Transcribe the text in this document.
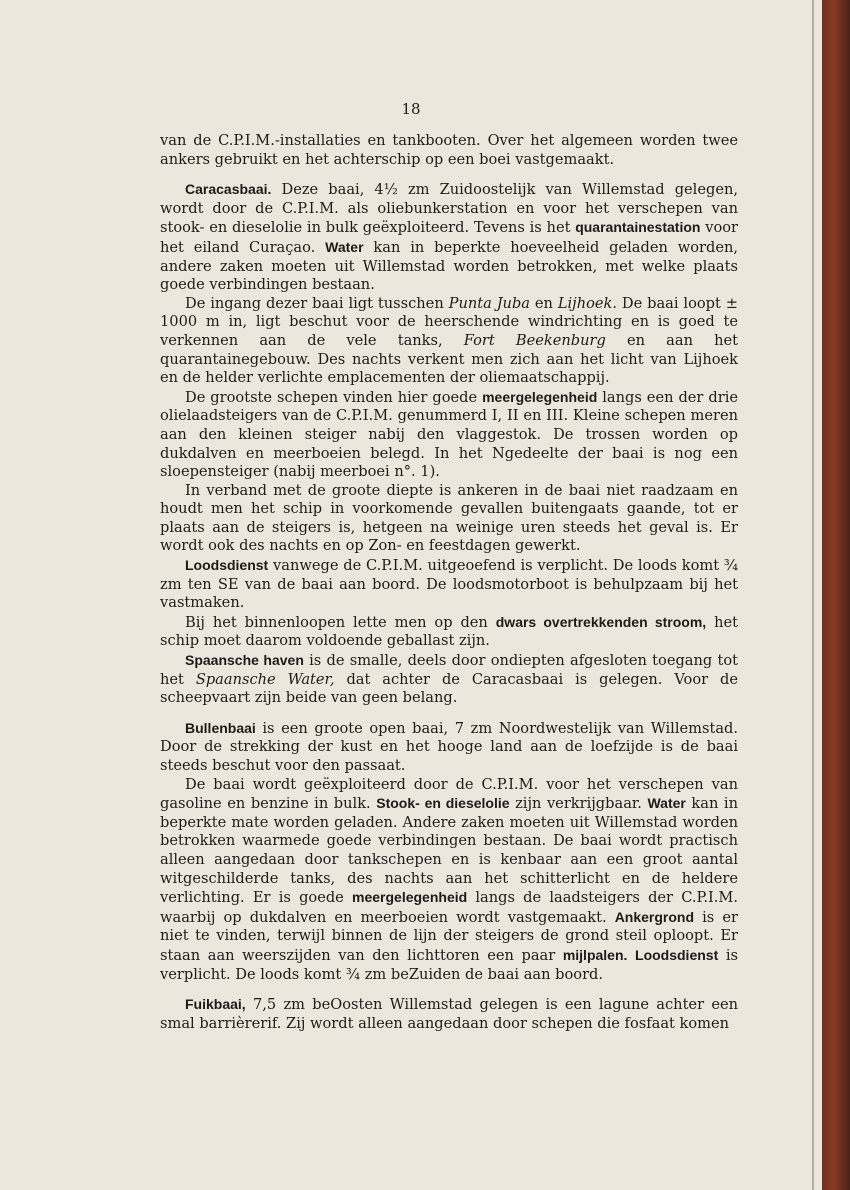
18

van de C.P.I.M.-installaties en tankbooten. Over het algemeen worden twee ankers gebruikt en het achterschip op een boei vastgemaakt.

Caracasbaai. Deze baai, 4½ zm Zuidoostelijk van Willemstad gelegen, wordt door de C.P.I.M. als oliebunkerstation en voor het verschepen van stook- en dieselolie in bulk geëxploiteerd. Tevens is het quarantainestation voor het eiland Curaçao. Water kan in beperkte hoeveelheid geladen worden, andere zaken moeten uit Willemstad worden betrokken, met welke plaats goede verbindingen bestaan.

De ingang dezer baai ligt tusschen Punta Juba en Lijhoek. De baai loopt ± 1000 m in, ligt beschut voor de heerschende windrichting en is goed te verkennen aan de vele tanks, Fort Beekenburg en aan het quarantainegebouw. Des nachts verkent men zich aan het licht van Lijhoek en de helder verlichte emplacementen der oliemaatschappij.

De grootste schepen vinden hier goede meergelegenheid langs een der drie olielaadsteigers van de C.P.I.M. genummerd I, II en III. Kleine schepen meren aan den kleinen steiger nabij den vlaggestok. De trossen worden op dukdalven en meerboeien belegd. In het Ngedeelte der baai is nog een sloepensteiger (nabij meerboei n°. 1).

In verband met de groote diepte is ankeren in de baai niet raadzaam en houdt men het schip in voorkomende gevallen buitengaats gaande, tot er plaats aan de steigers is, hetgeen na weinige uren steeds het geval is. Er wordt ook des nachts en op Zon- en feestdagen gewerkt.

Loodsdienst vanwege de C.P.I.M. uitgeoefend is verplicht. De loods komt ¾ zm ten SE van de baai aan boord. De loodsmotorboot is behulpzaam bij het vastmaken.

Bij het binnenloopen lette men op den dwars overtrekkenden stroom, het schip moet daarom voldoende geballast zijn.

Spaansche haven is de smalle, deels door ondiepten afgesloten toegang tot het Spaansche Water, dat achter de Caracasbaai is gelegen. Voor de scheepvaart zijn beide van geen belang.

Bullenbaai is een groote open baai, 7 zm Noordwestelijk van Willemstad. Door de strekking der kust en het hooge land aan de loefzijde is de baai steeds beschut voor den passaat.

De baai wordt geëxploiteerd door de C.P.I.M. voor het verschepen van gasoline en benzine in bulk. Stook- en dieselolie zijn verkrijgbaar. Water kan in beperkte mate worden geladen. Andere zaken moeten uit Willemstad worden betrokken waarmede goede verbindingen bestaan. De baai wordt practisch alleen aangedaan door tankschepen en is kenbaar aan een groot aantal witgeschilderde tanks, des nachts aan het schitterlicht en de heldere verlichting. Er is goede meergelegenheid langs de laadsteigers der C.P.I.M. waarbij op dukdalven en meerboeien wordt vastgemaakt. Ankergrond is er niet te vinden, terwijl binnen de lijn der steigers de grond steil oploopt. Er staan aan weerszijden van den lichttoren een paar mijlpalen. Loodsdienst is verplicht. De loods komt ¾ zm beZuiden de baai aan boord.

Fuikbaai, 7,5 zm beOosten Willemstad gelegen is een lagune achter een smal barrièrerif. Zij wordt alleen aangedaan door schepen die fosfaat komen
